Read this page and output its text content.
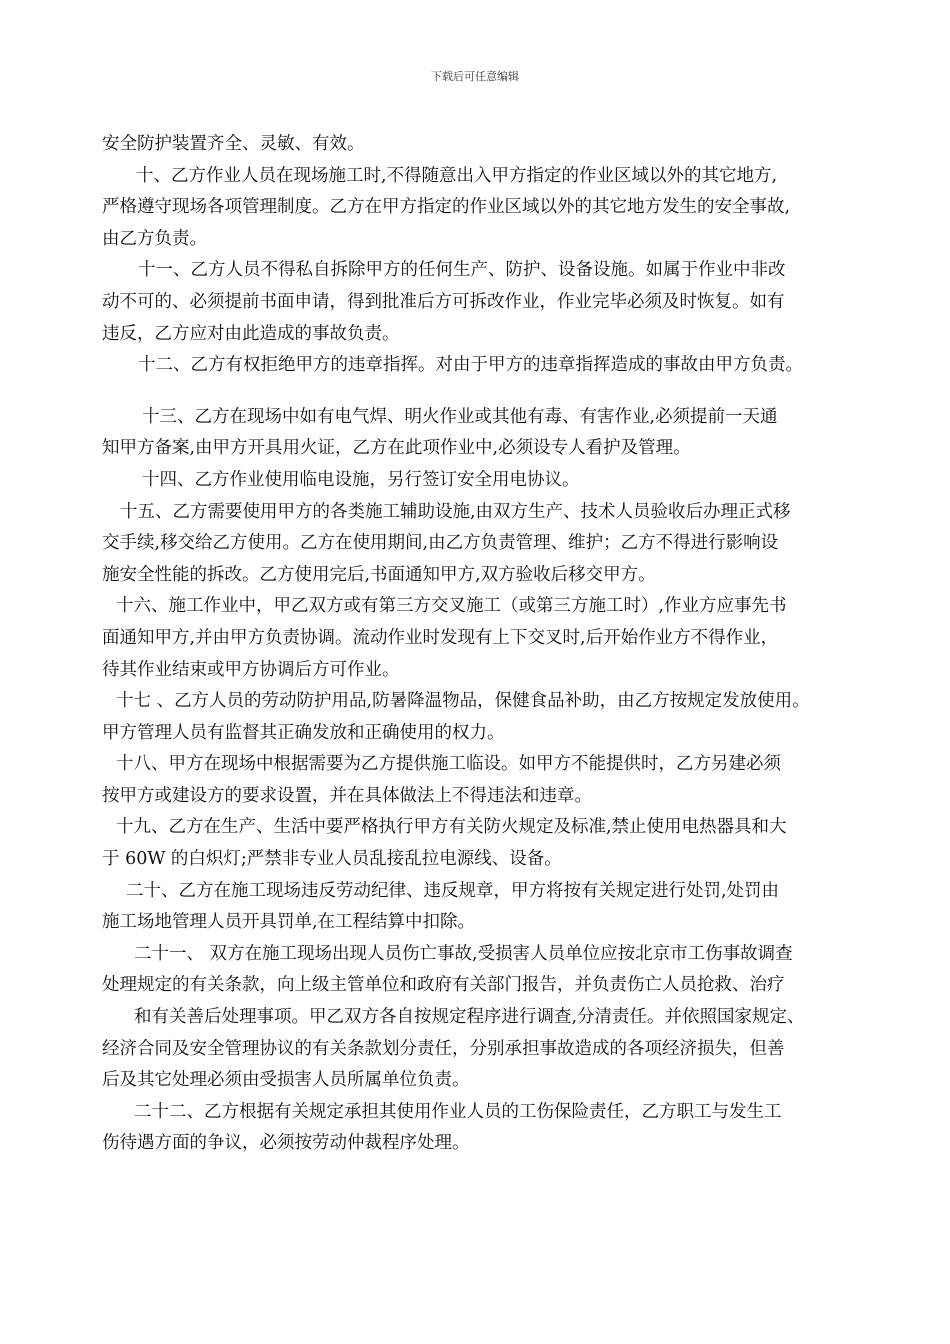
下载后可任意编辑
安全防护装置齐全、灵敏、有效。
十、乙方作业人员在现场施工时,不得随意出入甲方指定的作业区域以外的其它地方,
严格遵守现场各项管理制度。乙方在甲方指定的作业区域以外的其它地方发生的安全事故,
由乙方负责。
十一、乙方人员不得私自拆除甲方的任何生产、防护、设备设施。如属于作业中非改
动不可的、必须提前书面申请，得到批准后方可拆改作业，作业完毕必须及时恢复。如有
违反，乙方应对由此造成的事故负责。
十二、乙方有权拒绝甲方的违章指挥。对由于甲方的违章指挥造成的事故由甲方负责。
十三、乙方在现场中如有电气焊、明火作业或其他有毒、有害作业,必须提前一天通
知甲方备案,由甲方开具用火证，乙方在此项作业中,必须设专人看护及管理。
十四、乙方作业使用临电设施，另行签订安全用电协议。
十五、乙方需要使用甲方的各类施工辅助设施,由双方生产、技术人员验收后办理正式移
交手续,移交给乙方使用。乙方在使用期间,由乙方负责管理、维护；乙方不得进行影响设
施安全性能的拆改。乙方使用完后,书面通知甲方,双方验收后移交甲方。
十六、施工作业中，甲乙双方或有第三方交叉施工（或第三方施工时）,作业方应事先书
面通知甲方,并由甲方负责协调。流动作业时发现有上下交叉时,后开始作业方不得作业，
待其作业结束或甲方协调后方可作业。
十七 、乙方人员的劳动防护用品,防暑降温物品，保健食品补助，由乙方按规定发放使用。
甲方管理人员有监督其正确发放和正确使用的权力。
十八、甲方在现场中根据需要为乙方提供施工临设。如甲方不能提供时，乙方另建必须
按甲方或建设方的要求设置，并在具体做法上不得违法和违章。
十九、乙方在生产、生活中要严格执行甲方有关防火规定及标准,禁止使用电热器具和大
于 60W 的白炽灯;严禁非专业人员乱接乱拉电源线、设备。
二十、乙方在施工现场违反劳动纪律、违反规章，甲方将按有关规定进行处罚,处罚由
施工场地管理人员开具罚单,在工程结算中扣除。
二十一、 双方在施工现场出现人员伤亡事故,受损害人员单位应按北京市工伤事故调查
处理规定的有关条款，向上级主管单位和政府有关部门报告，并负责伤亡人员抢救、治疗
和有关善后处理事项。甲乙双方各自按规定程序进行调查,分清责任。并依照国家规定、
经济合同及安全管理协议的有关条款划分责任，分别承担事故造成的各项经济损失，但善
后及其它处理必须由受损害人员所属单位负责。
二十二、乙方根据有关规定承担其使用作业人员的工伤保险责任，乙方职工与发生工
伤待遇方面的争议，必须按劳动仲裁程序处理。
